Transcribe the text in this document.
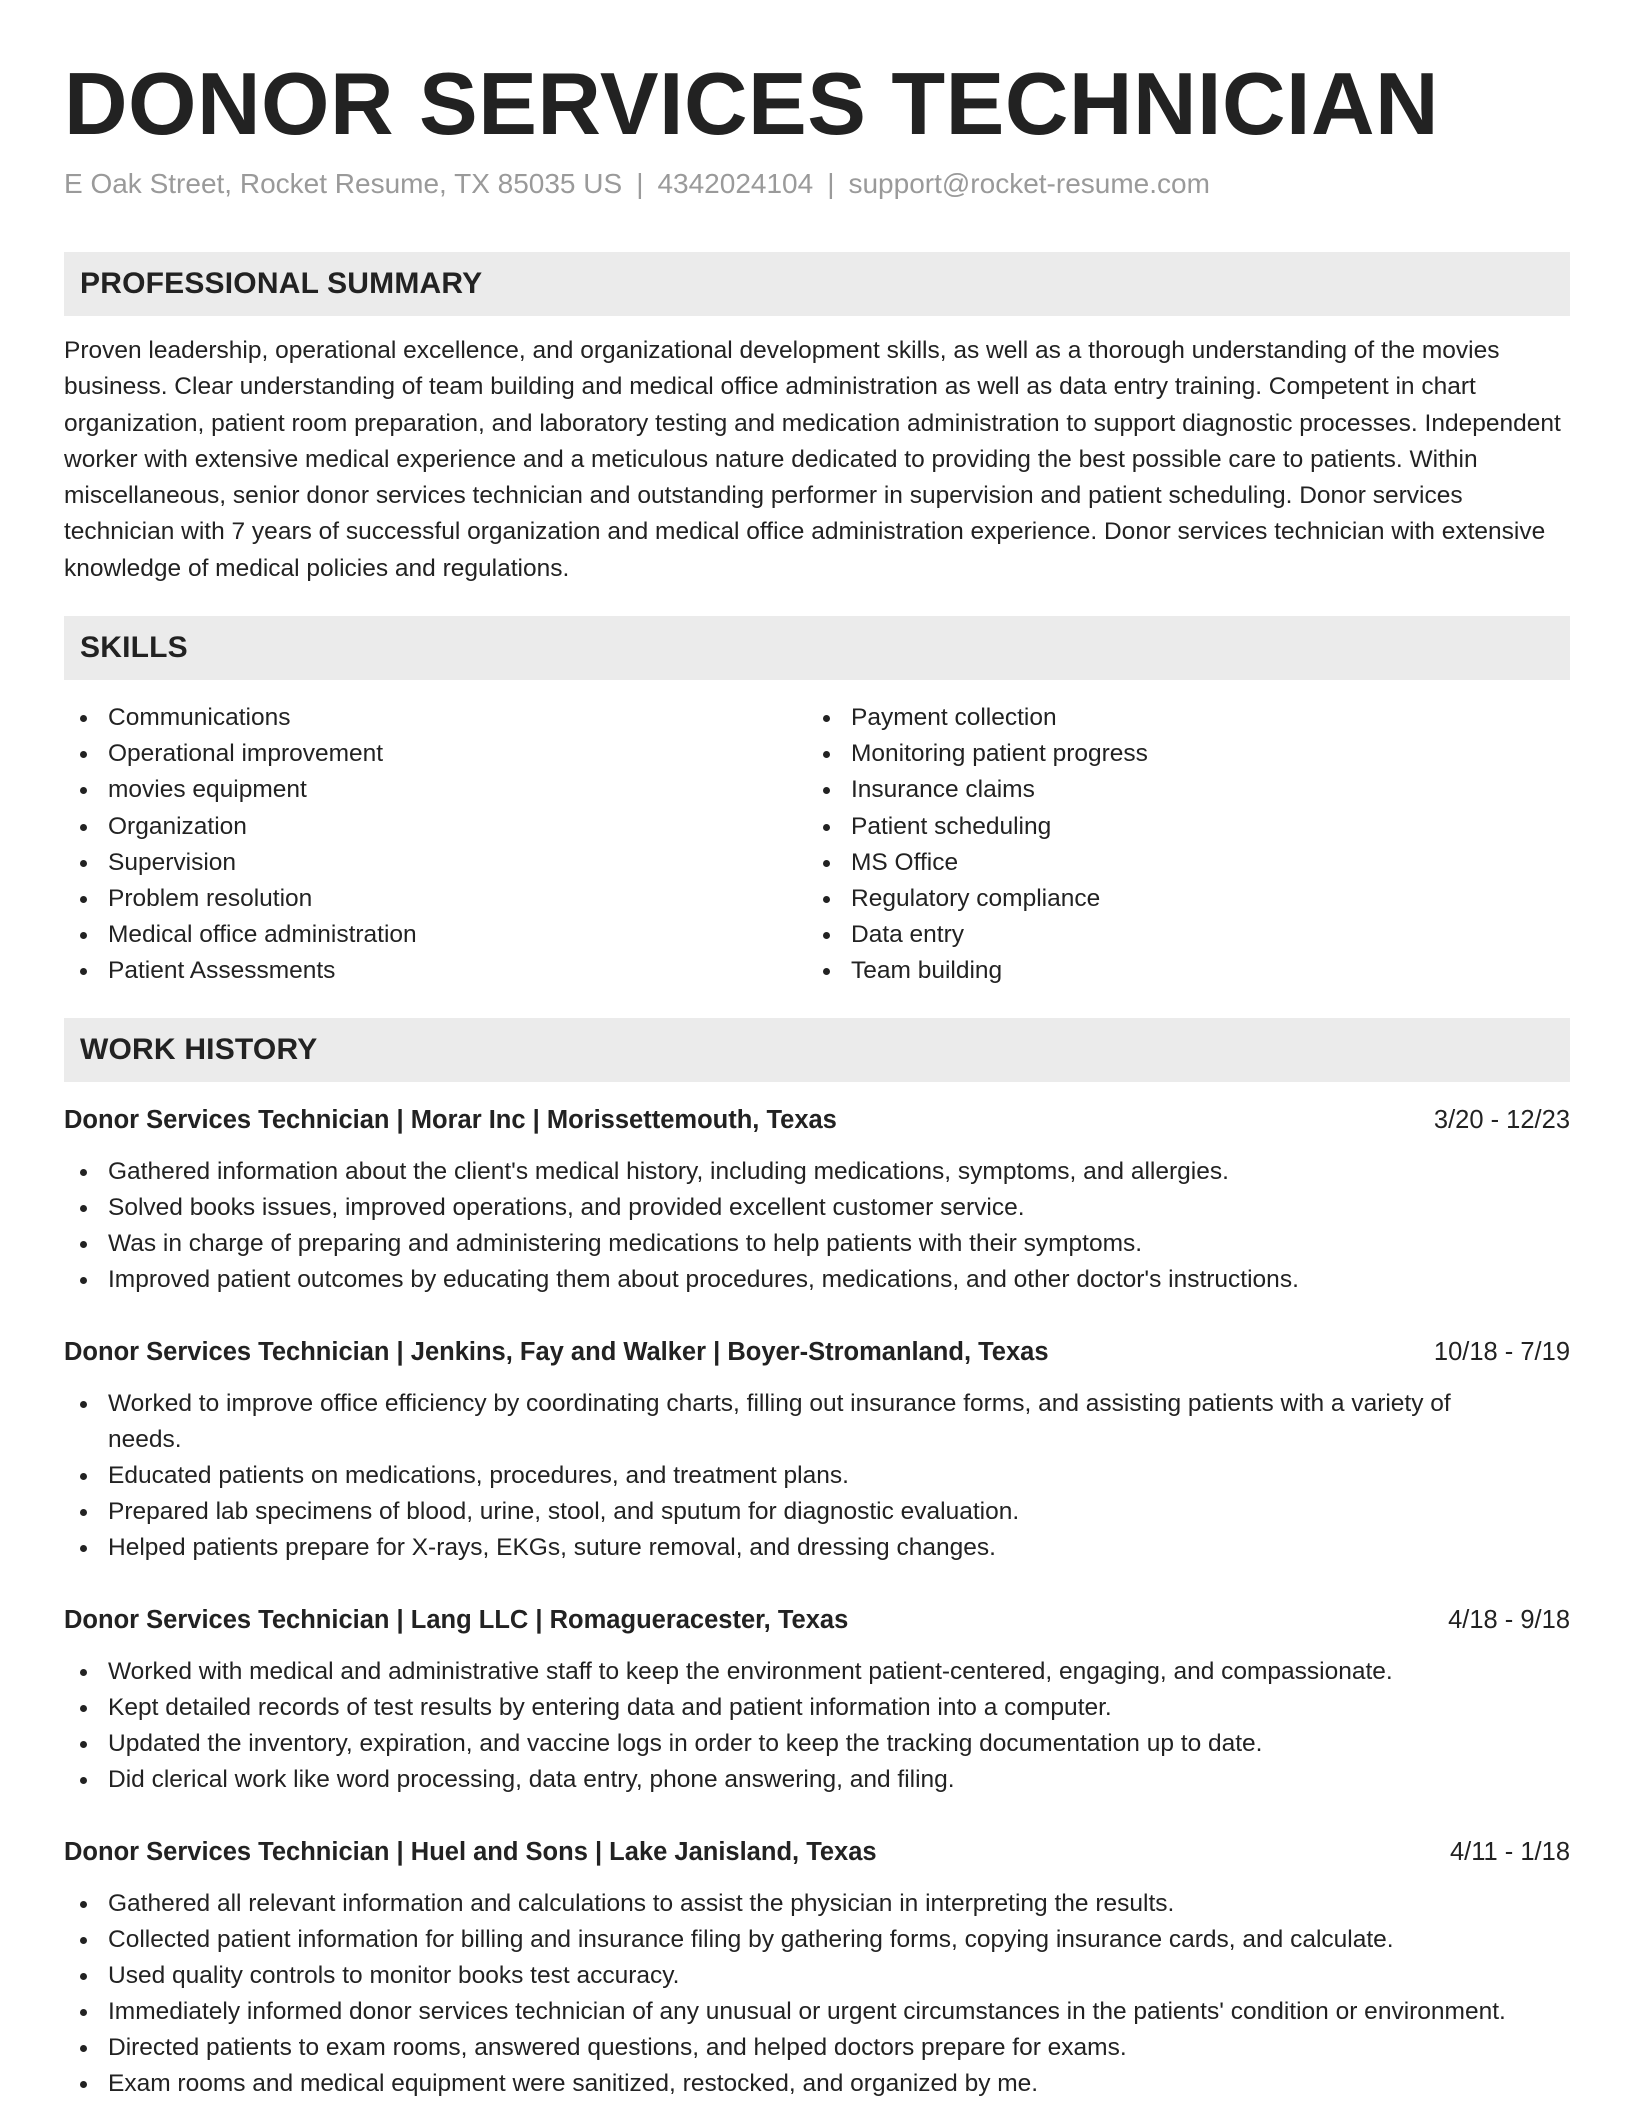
DONOR SERVICES TECHNICIAN
E Oak Street, Rocket Resume, TX 85035 US | 4342024104 | support@rocket-resume.com
PROFESSIONAL SUMMARY

Proven leadership, operational excellence, and organizational development skills, as well as a thorough understanding of the movies business. Clear understanding of team building and medical office administration as well as data entry training. Competent in chart organization, patient room preparation, and laboratory testing and medication administration to support diagnostic processes. Independent worker with extensive medical experience and a meticulous nature dedicated to providing the best possible care to patients. Within miscellaneous, senior donor services technician and outstanding performer in supervision and patient scheduling. Donor services technician with 7 years of successful organization and medical office administration experience. Donor services technician with extensive knowledge of medical policies and regulations.

SKILLS
Communications
Operational improvement
movies equipment
Organization
Supervision
Problem resolution
Medical office administration
Patient Assessments
Payment collection
Monitoring patient progress
Insurance claims
Patient scheduling
MS Office
Regulatory compliance
Data entry
Team building
WORK HISTORY
Donor Services Technician | Morar Inc | Morissettemouth, Texas	3/20 - 12/23
Gathered information about the client's medical history, including medications, symptoms, and allergies.
Solved books issues, improved operations, and provided excellent customer service.
Was in charge of preparing and administering medications to help patients with their symptoms.
Improved patient outcomes by educating them about procedures, medications, and other doctor's instructions.
Donor Services Technician | Jenkins, Fay and Walker | Boyer-Stromanland, Texas	10/18 - 7/19
Worked to improve office efficiency by coordinating charts, filling out insurance forms, and assisting patients with a variety of needs.
Educated patients on medications, procedures, and treatment plans.
Prepared lab specimens of blood, urine, stool, and sputum for diagnostic evaluation.
Helped patients prepare for X-rays, EKGs, suture removal, and dressing changes.
Donor Services Technician | Lang LLC | Romagueracester, Texas	4/18 - 9/18
Worked with medical and administrative staff to keep the environment patient-centered, engaging, and compassionate.
Kept detailed records of test results by entering data and patient information into a computer.
Updated the inventory, expiration, and vaccine logs in order to keep the tracking documentation up to date.
Did clerical work like word processing, data entry, phone answering, and filing.
Donor Services Technician | Huel and Sons | Lake Janisland, Texas	4/11 - 1/18
Gathered all relevant information and calculations to assist the physician in interpreting the results.
Collected patient information for billing and insurance filing by gathering forms, copying insurance cards, and calculate.
Used quality controls to monitor books test accuracy.
Immediately informed donor services technician of any unusual or urgent circumstances in the patients' condition or environment.
Directed patients to exam rooms, answered questions, and helped doctors prepare for exams.
Exam rooms and medical equipment were sanitized, restocked, and organized by me.
